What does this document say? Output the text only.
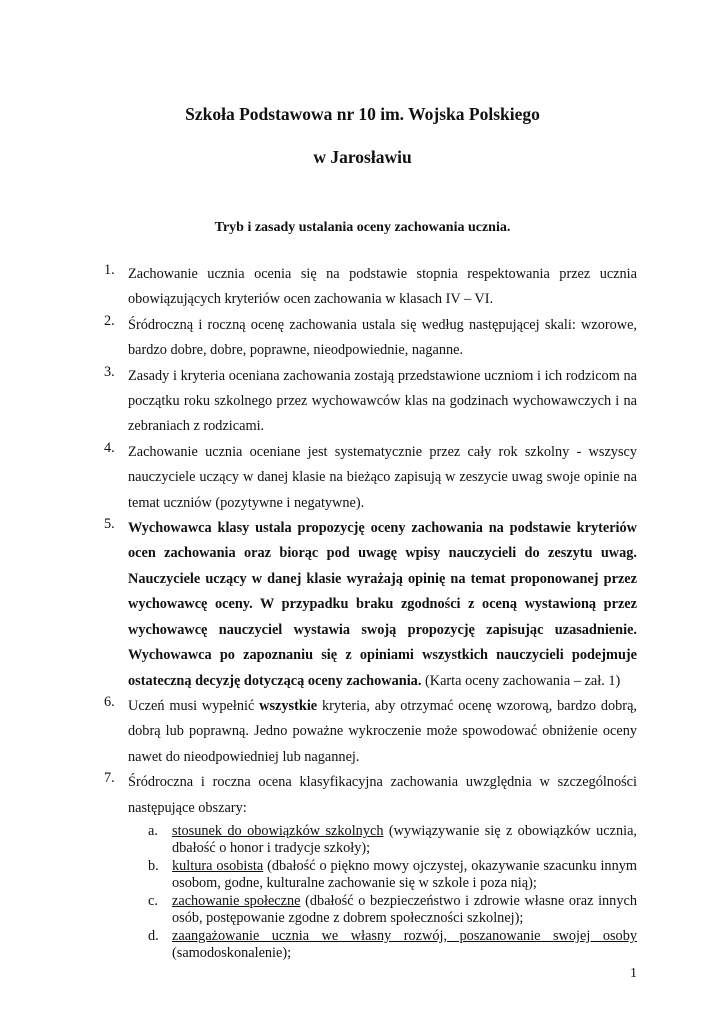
Szkoła Podstawowa nr 10 im. Wojska Polskiego
w Jarosławiu
Tryb i zasady ustalania oceny zachowania ucznia.
1. Zachowanie ucznia ocenia się na podstawie stopnia respektowania przez ucznia obowiązujących kryteriów ocen zachowania w klasach IV – VI.
2. Śródroczną i roczną ocenę zachowania ustala się według następującej skali: wzorowe, bardzo dobre, dobre, poprawne, nieodpowiednie, naganne.
3. Zasady i kryteria oceniana zachowania zostają przedstawione uczniom i ich rodzicom na początku roku szkolnego przez wychowawców klas na godzinach wychowawczych i na zebraniach z rodzicami.
4. Zachowanie ucznia oceniane jest systematycznie przez cały rok szkolny - wszyscy nauczyciele uczący w danej klasie na bieżąco zapisują w zeszycie uwag swoje opinie na temat uczniów (pozytywne i negatywne).
5. Wychowawca klasy ustala propozycję oceny zachowania na podstawie kryteriów ocen zachowania oraz biorąc pod uwagę wpisy nauczycieli do zeszytu uwag. Nauczyciele uczący w danej klasie wyrażają opinię na temat proponowanej przez wychowawcę oceny. W przypadku braku zgodności z oceną wystawioną przez wychowawcę nauczyciel wystawia swoją propozycję zapisując uzasadnienie. Wychowawca po zapoznaniu się z opiniami wszystkich nauczycieli podejmuje ostateczną decyzję dotyczącą oceny zachowania. (Karta oceny zachowania – zał. 1)
6. Uczeń musi wypełnić wszystkie kryteria, aby otrzymać ocenę wzorową, bardzo dobrą, dobrą lub poprawną. Jedno poważne wykroczenie może spowodować obniżenie oceny nawet do nieodpowiedniej lub nagannej.
7. Śródroczna i roczna ocena klasyfikacyjna zachowania uwzględnia w szczególności następujące obszary:
a. stosunek do obowiązków szkolnych (wywiązywanie się z obowiązków ucznia, dbałość o honor i tradycje szkoły);
b. kultura osobista (dbałość o piękno mowy ojczystej, okazywanie szacunku innym osobom, godne, kulturalne zachowanie się w szkole i poza nią);
c. zachowanie społeczne (dbałość o bezpieczeństwo i zdrowie własne oraz innych osób, postępowanie zgodne z dobrem społeczności szkolnej);
d. zaangażowanie ucznia we własny rozwój, poszanowanie swojej osoby (samodoskonalenie);
1
